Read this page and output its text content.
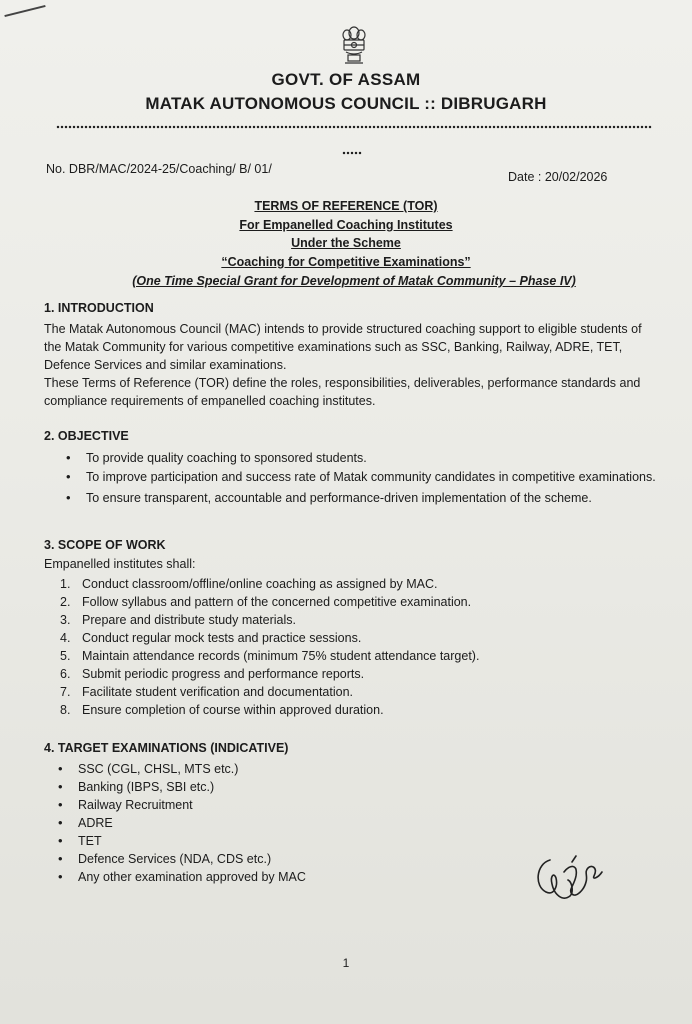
GOVT. OF ASSAM
MATAK AUTONOMOUS COUNCIL :: DIBRUGARH
No. DBR/MAC/2024-25/Coaching/ B/ 01/
Date : 20/02/2026
TERMS OF REFERENCE (TOR)
For Empanelled Coaching Institutes
Under the Scheme
“Coaching for Competitive Examinations”
(One Time Special Grant for Development of Matak Community – Phase IV)
1. INTRODUCTION

The Matak Autonomous Council (MAC) intends to provide structured coaching support to eligible students of the Matak Community for various competitive examinations such as SSC, Banking, Railway, ADRE, TET, Defence Services and similar examinations.

These Terms of Reference (TOR) define the roles, responsibilities, deliverables, performance standards and compliance requirements of empanelled coaching institutes.

2. OBJECTIVE
• To provide quality coaching to sponsored students.
• To improve participation and success rate of Matak community candidates in competitive examinations.
• To ensure transparent, accountable and performance-driven implementation of the scheme.
3. SCOPE OF WORK
Empanelled institutes shall:
1. Conduct classroom/offline/online coaching as assigned by MAC.
2. Follow syllabus and pattern of the concerned competitive examination.
3. Prepare and distribute study materials.
4. Conduct regular mock tests and practice sessions.
5. Maintain attendance records (minimum 75% student attendance target).
6. Submit periodic progress and performance reports.
7. Facilitate student verification and documentation.
8. Ensure completion of course within approved duration.
4. TARGET EXAMINATIONS (INDICATIVE)
• SSC (CGL, CHSL, MTS etc.)
• Banking (IBPS, SBI etc.)
• Railway Recruitment
• ADRE
• TET
• Defence Services (NDA, CDS etc.)
• Any other examination approved by MAC
1
